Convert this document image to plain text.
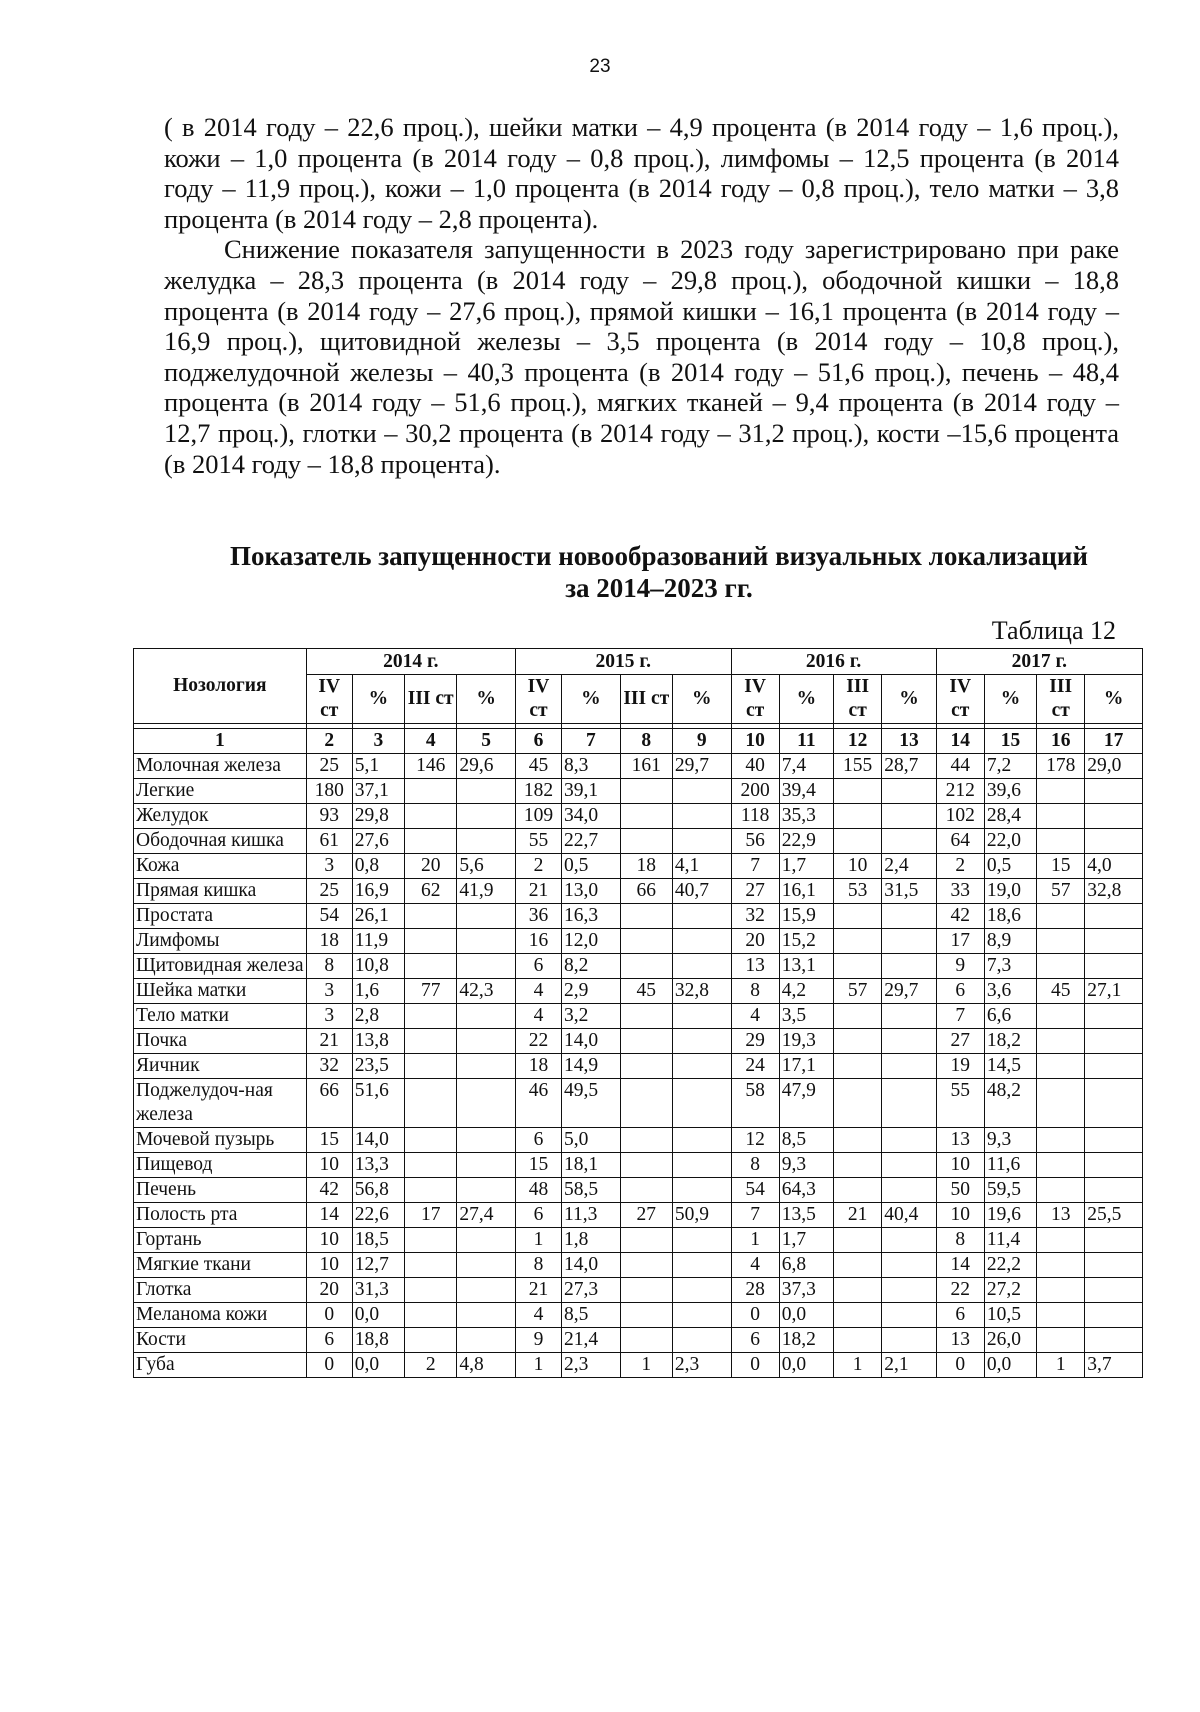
23

( в 2014 году – 22,6 проц.), шейки матки – 4,9 процента (в 2014 году – 1,6 проц.), кожи – 1,0 процента (в 2014 году – 0,8 проц.), лимфомы – 12,5 процента (в 2014 году – 11,9 проц.), кожи – 1,0 процента (в 2014 году – 0,8 проц.), тело матки – 3,8 процента (в 2014 году – 2,8 процента).

Снижение показателя запущенности в 2023 году зарегистрировано при раке желудка – 28,3 процента (в 2014 году – 29,8 проц.), ободочной кишки – 18,8 процента (в 2014 году – 27,6 проц.), прямой кишки – 16,1 процента (в 2014 году – 16,9 проц.), щитовидной железы – 3,5 процента (в 2014 году – 10,8 проц.), поджелудочной железы – 40,3 процента (в 2014 году – 51,6 проц.), печень – 48,4 процента (в 2014 году – 51,6 проц.), мягких тканей – 9,4 процента (в 2014 году – 12,7 проц.), глотки – 30,2 процента (в 2014 году – 31,2 проц.), кости –15,6 процента (в 2014 году – 18,8 процента).

Показатель запущенности новообразований визуальных локализаций
за 2014–2023 гг.
Таблица 12
Нозология	2014 г.				2015 г.				2016 г.				2017 г.			
	IV ст	%	III ст	%	IV ст	%	III ст	%	IV ст	%	III ст	%	IV ст	%	III ст	%

1	2	3	4	5	6	7	8	9	10	11	12	13	14	15	16	17
Молочная железа	25	5,1	146	29,6	45	8,3	161	29,7	40	7,4	155	28,7	44	7,2	178	29,0
Легкие	180	37,1			182	39,1			200	39,4			212	39,6		
Желудок	93	29,8			109	34,0			118	35,3			102	28,4		
Ободочная кишка	61	27,6			55	22,7			56	22,9			64	22,0		
Кожа	3	0,8	20	5,6	2	0,5	18	4,1	7	1,7	10	2,4	2	0,5	15	4,0
Прямая кишка	25	16,9	62	41,9	21	13,0	66	40,7	27	16,1	53	31,5	33	19,0	57	32,8
Простата	54	26,1			36	16,3			32	15,9			42	18,6		
Лимфомы	18	11,9			16	12,0			20	15,2			17	8,9		
Щитовидная железа	8	10,8			6	8,2			13	13,1			9	7,3		
Шейка матки	3	1,6	77	42,3	4	2,9	45	32,8	8	4,2	57	29,7	6	3,6	45	27,1
Тело матки	3	2,8			4	3,2			4	3,5			7	6,6		
Почка	21	13,8			22	14,0			29	19,3			27	18,2		
Яичник	32	23,5			18	14,9			24	17,1			19	14,5		
Поджелудоч-ная железа	66	51,6			46	49,5			58	47,9			55	48,2		
Мочевой пузырь	15	14,0			6	5,0			12	8,5			13	9,3		
Пищевод	10	13,3			15	18,1			8	9,3			10	11,6		
Печень	42	56,8			48	58,5			54	64,3			50	59,5		
Полость рта	14	22,6	17	27,4	6	11,3	27	50,9	7	13,5	21	40,4	10	19,6	13	25,5
Гортань	10	18,5			1	1,8			1	1,7			8	11,4		
Мягкие ткани	10	12,7			8	14,0			4	6,8			14	22,2		
Глотка	20	31,3			21	27,3			28	37,3			22	27,2		
Меланома кожи	0	0,0			4	8,5			0	0,0			6	10,5		
Кости	6	18,8			9	21,4			6	18,2			13	26,0		
Губа	0	0,0	2	4,8	1	2,3	1	2,3	0	0,0	1	2,1	0	0,0	1	3,7
